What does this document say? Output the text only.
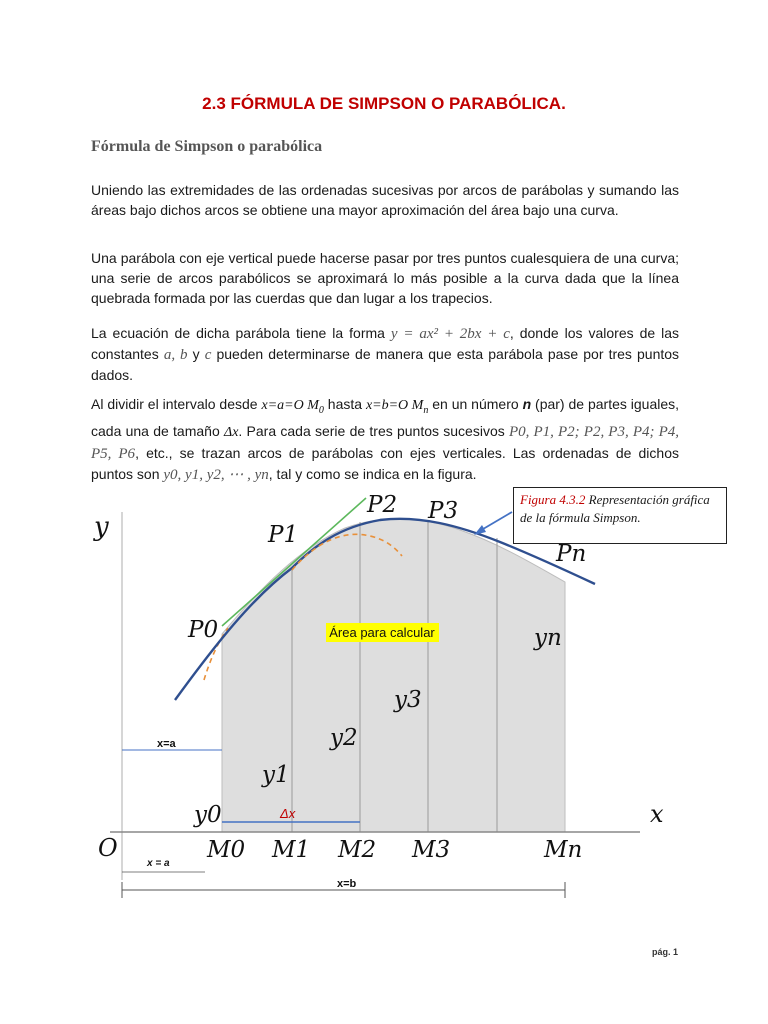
2.3 FÓRMULA DE SIMPSON O PARABÓLICA.
Fórmula de Simpson o parabólica

Uniendo las extremidades de las ordenadas sucesivas por arcos de parábolas y sumando las áreas bajo dichos arcos se obtiene una mayor aproximación del área bajo una curva.

Una parábola con eje vertical puede hacerse pasar por tres puntos cualesquiera de una curva; una serie de arcos parabólicos se aproximará lo más posible a la curva dada que la línea quebrada formada por las cuerdas que dan lugar a los trapecios.

La ecuación de dicha parábola tiene la forma y = ax² + 2bx + c, donde los valores de las constantes a, b y c pueden determinarse de manera que esta parábola pase por tres puntos dados.

Al dividir el intervalo desde x=a=O $M_0$ hasta x=b=O $M_n$ en un número n (par) de partes iguales, cada una de tamaño Δx. Para cada serie de tres puntos sucesivos P0, P1, P2; P2, P3, P4; P4, P5, P6, etc., se trazan arcos de parábolas con ejes verticales. Las ordenadas de dichos puntos son y0, y1, y2, ⋯ , yn, tal y como se indica en la figura.

Área para calcular
y
x
O
P0
P1
P2 P3
Pn
y0
y1
y2
y3
yn
M0 M1 M2 M3	Mn
x=a
x = a
x=b
Δx
Figura 4.3.2 Representación gráfica de la fórmula Simpson.
pág. 1
